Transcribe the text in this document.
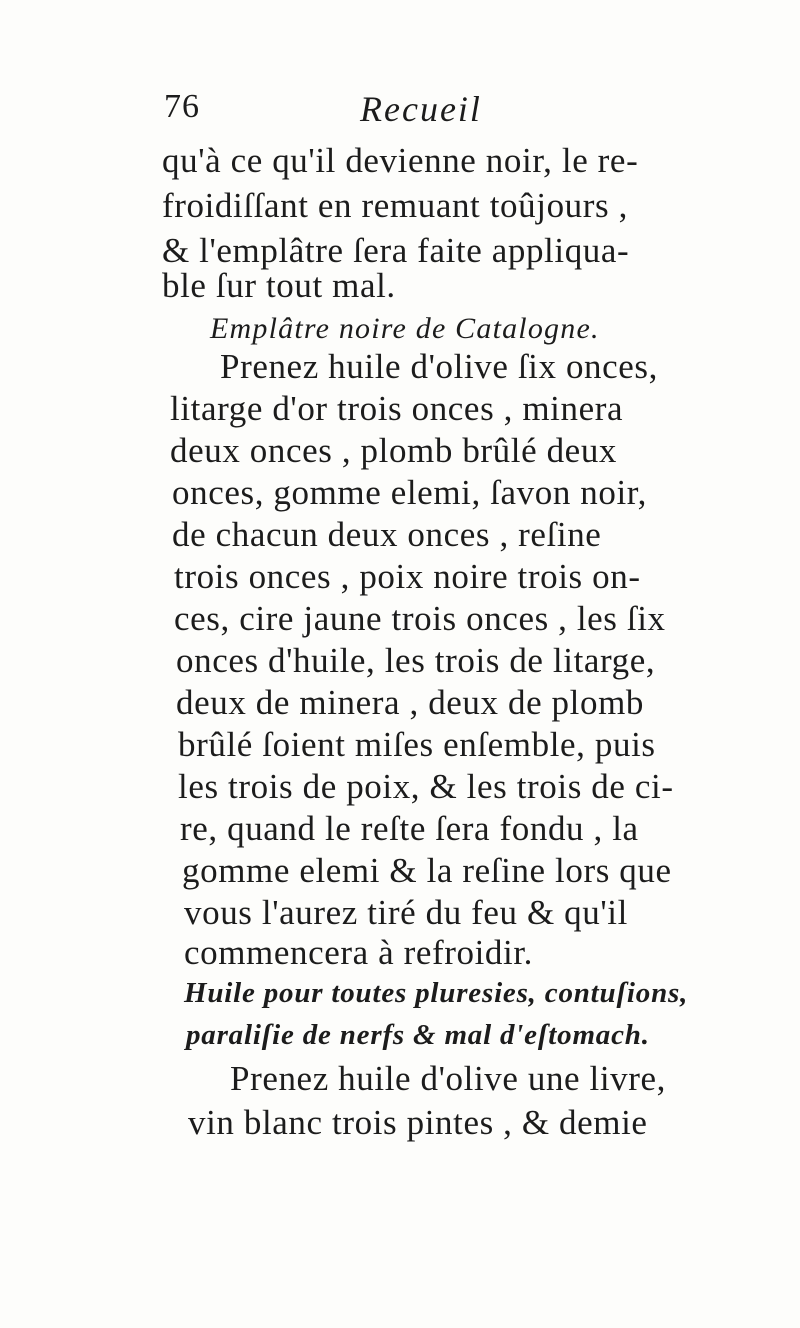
76	Recueil
qu'à ce qu'il devienne noir, le re-
froidiſſant en remuant toûjours ,
& l'emplâtre ſera faite appliqua-
ble ſur tout mal.
Emplâtre noire de Catalogne.
Prenez huile d'olive ſix onces,
litarge d'or trois onces , minera
deux onces , plomb brûlé deux
onces, gomme elemi, ſavon noir,
de chacun deux onces , reſine
trois onces , poix noire trois on-
ces, cire jaune trois onces , les ſix
onces d'huile, les trois de litarge,
deux de minera , deux de plomb
brûlé ſoient miſes enſemble, puis
les trois de poix, & les trois de ci-
re, quand le reſte ſera fondu , la
gomme elemi & la reſine lors que
vous l'aurez tiré du feu & qu'il
commencera à refroidir.
Huile pour toutes pluresies, contuſions,
paraliſie de nerfs & mal d'eſtomach.
Prenez huile d'olive une livre,
vin blanc trois pintes , & demie
